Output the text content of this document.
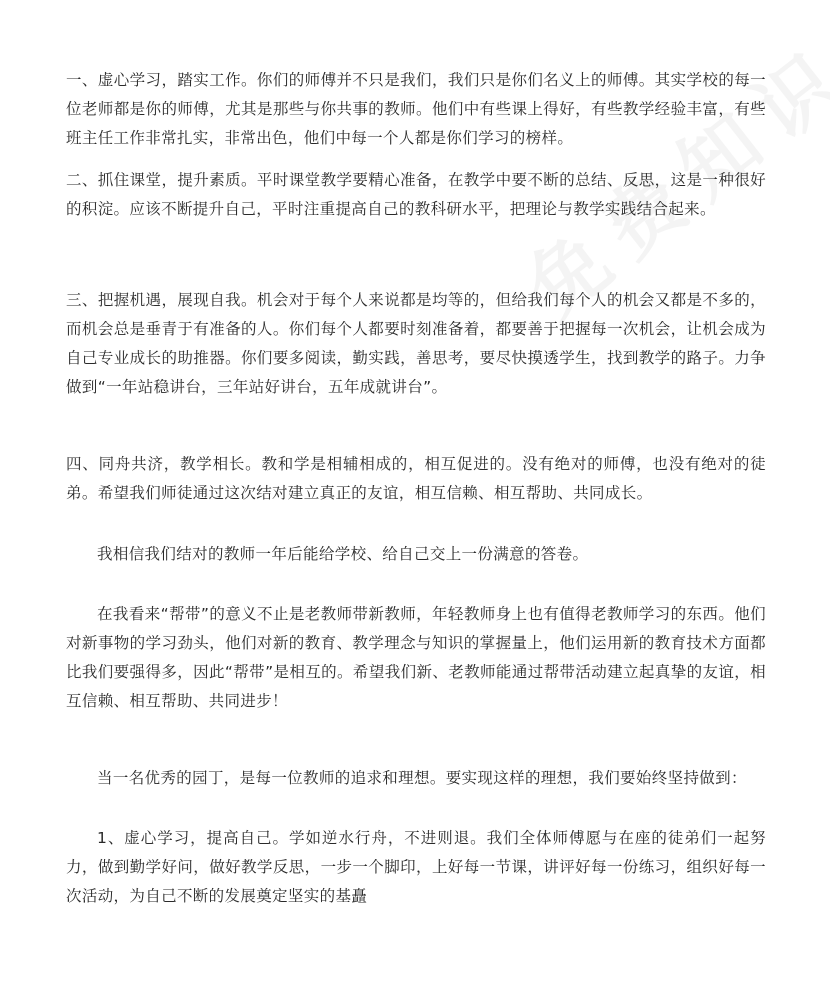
一、虚心学习，踏实工作。你们的师傅并不只是我们，我们只是你们名义上的师傅。其实学校的每一位老师都是你的师傅，尤其是那些与你共事的教师。他们中有些课上得好，有些教学经验丰富，有些班主任工作非常扎实，非常出色，他们中每一个人都是你们学习的榜样。

二、抓住课堂，提升素质。平时课堂教学要精心准备，在教学中要不断的总结、反思，这是一种很好的积淀。应该不断提升自己，平时注重提高自己的教科研水平，把理论与教学实践结合起来。

三、把握机遇，展现自我。机会对于每个人来说都是均等的，但给我们每个人的机会又都是不多的，而机会总是垂青于有准备的人。你们每个人都要时刻准备着，都要善于把握每一次机会，让机会成为自己专业成长的助推器。你们要多阅读，勤实践，善思考，要尽快摸透学生，找到教学的路子。力争做到“一年站稳讲台，三年站好讲台，五年成就讲台”。

四、同舟共济，教学相长。教和学是相辅相成的，相互促进的。没有绝对的师傅，也没有绝对的徒弟。希望我们师徒通过这次结对建立真正的友谊，相互信赖、相互帮助、共同成长。

我相信我们结对的教师一年后能给学校、给自己交上一份满意的答卷。

在我看来“帮带”的意义不止是老教师带新教师，年轻教师身上也有值得老教师学习的东西。他们对新事物的学习劲头，他们对新的教育、教学理念与知识的掌握量上，他们运用新的教育技术方面都比我们要强得多，因此“帮带”是相互的。希望我们新、老教师能通过帮带活动建立起真挚的友谊，相互信赖、相互帮助、共同进步！

当一名优秀的园丁，是每一位教师的追求和理想。要实现这样的理想，我们要始终坚持做到：

1、虚心学习，提高自己。学如逆水行舟，不进则退。我们全体师傅愿与在座的徒弟们一起努力，做到勤学好问，做好教学反思，一步一个脚印，上好每一节课，讲评好每一份练习，组织好每一次活动，为自己不断的发展奠定坚实的基矗
